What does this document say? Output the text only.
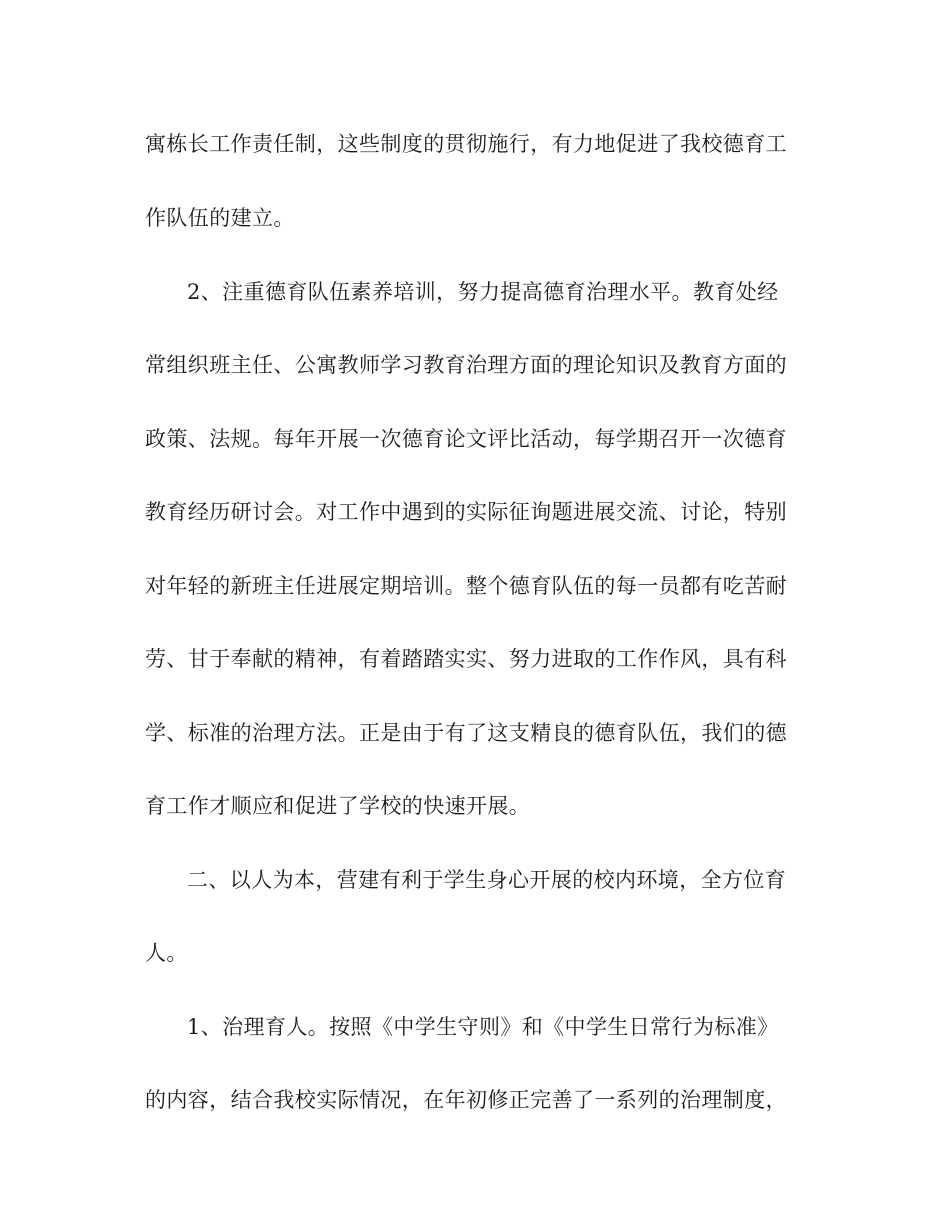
寓栋长工作责任制，这些制度的贯彻施行，有力地促进了我校德育工
作队伍的建立。
2、注重德育队伍素养培训，努力提高德育治理水平。教育处经
常组织班主任、公寓教师学习教育治理方面的理论知识及教育方面的
政策、法规。每年开展一次德育论文评比活动，每学期召开一次德育
教育经历研讨会。对工作中遇到的实际征询题进展交流、讨论，特别
对年轻的新班主任进展定期培训。整个德育队伍的每一员都有吃苦耐
劳、甘于奉献的精神，有着踏踏实实、努力进取的工作作风，具有科
学、标准的治理方法。正是由于有了这支精良的德育队伍，我们的德
育工作才顺应和促进了学校的快速开展。
二、以人为本，营建有利于学生身心开展的校内环境，全方位育
人。
1、治理育人。按照《中学生守则》和《中学生日常行为标准》
的内容，结合我校实际情况，在年初修正完善了一系列的治理制度，
